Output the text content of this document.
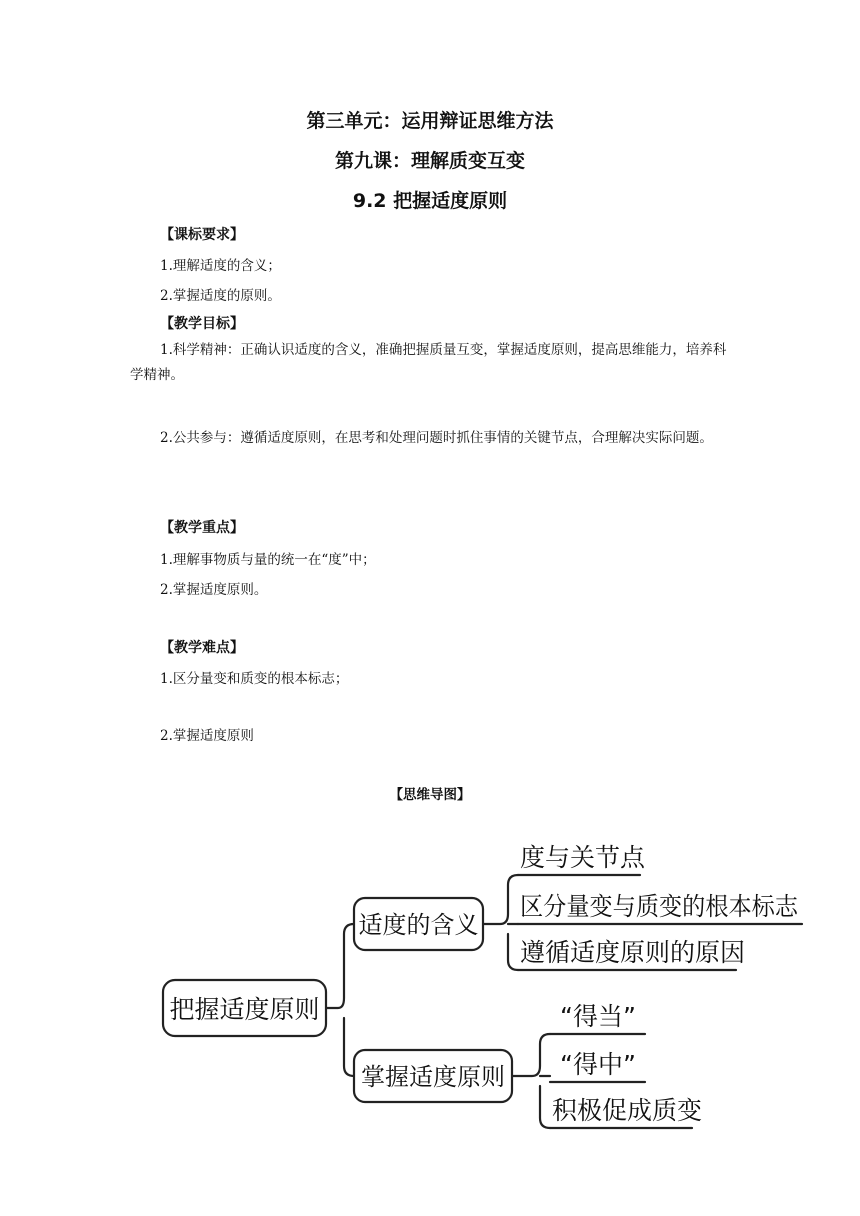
第三单元：运用辩证思维方法
第九课：理解质变互变
9.2 把握适度原则
【课标要求】
1.理解适度的含义；
2.掌握适度的原则。
【教学目标】
1.科学精神：正确认识适度的含义，准确把握质量互变，掌握适度原则，提高思维能力，培养科学精神。
2.公共参与：遵循适度原则，在思考和处理问题时抓住事情的关键节点，合理解决实际问题。
【教学重点】
1.理解事物质与量的统一在“度”中；
2.掌握适度原则。
【教学难点】
1.区分量变和质变的根本标志；
2.掌握适度原则
【思维导图】
把握适度原则
适度的含义
掌握适度原则
度与关节点
区分量变与质变的根本标志
遵循适度原则的原因
“得当”
“得中”
积极促成质变
